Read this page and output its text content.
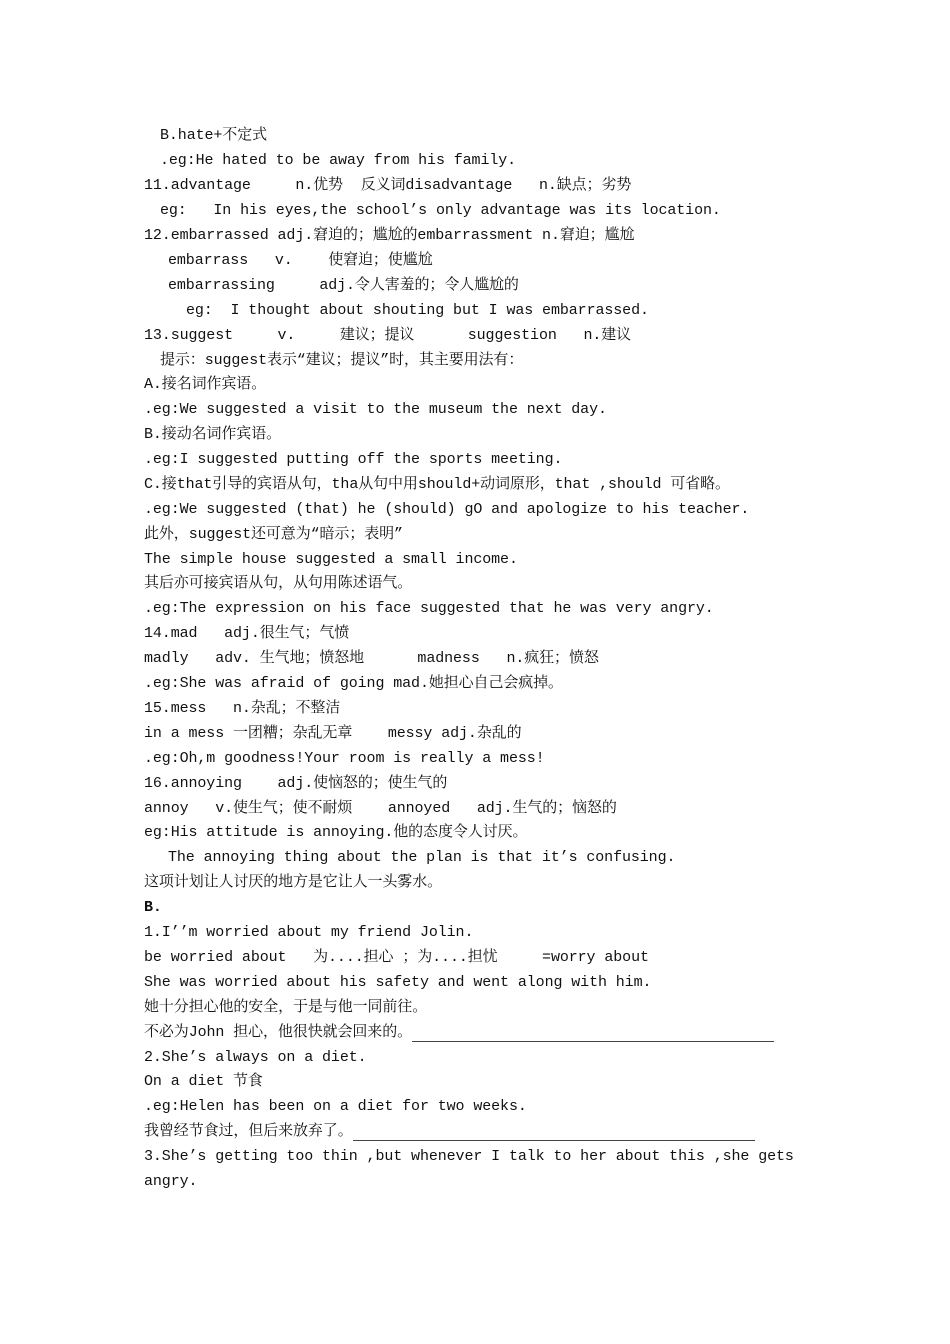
B.hate+不定式
.eg:He hated to be away from his family.
11.advantage     n.优势  反义词disadvantage   n.缺点；劣势
eg:   In his eyes,the school’s only advantage was its location.
12.embarrassed adj.窘迫的；尴尬的embarrassment n.窘迫；尴尬
embarrass   v.    使窘迫；使尴尬
embarrassing     adj.令人害羞的；令人尴尬的
eg:  I thought about shouting but I was embarrassed.
13.suggest     v.     建议；提议      suggestion   n.建议
提示：suggest表示“建议；提议”时，其主要用法有：
A.接名词作宾语。
.eg:We suggested a visit to the museum the next day.
B.接动名词作宾语。
.eg:I suggested putting off the sports meeting.
C.接that引导的宾语从句，tha从句中用should+动词原形，that ,should 可省略。
.eg:We suggested (that) he (should) gO and apologize to his teacher.
此外，suggest还可意为“暗示；表明”
The simple house suggested a small income.
其后亦可接宾语从句，从句用陈述语气。
.eg:The expression on his face suggested that he was very angry.
14.mad   adj.很生气；气愤
madly   adv. 生气地；愤怒地      madness   n.疯狂；愤怒
.eg:She was afraid of going mad.她担心自己会疯掉。
15.mess   n.杂乱；不整洁
in a mess 一团糟；杂乱无章    messy adj.杂乱的
.eg:Oh,m goodness!Your room is really a mess!
16.annoying    adj.使恼怒的；使生气的
annoy   v.使生气；使不耐烦    annoyed   adj.生气的；恼怒的
eg:His attitude is annoying.他的态度令人讨厌。
The annoying thing about the plan is that it’s confusing.
这项计划让人讨厌的地方是它让人一头雾水。
B.
1.I’’m worried about my friend Jolin.
be worried about   为....担心 ；为....担忧     =worry about
She was worried about his safety and went along with him.
她十分担心他的安全，于是与他一同前往。
不必为John 担心，他很快就会回来的。
2.She’s always on a diet.
On a diet 节食
.eg:Helen has been on a diet for two weeks.
我曾经节食过，但后来放弃了。
3.She’s getting too thin ,but whenever I talk to her about this ,she gets
angry.
